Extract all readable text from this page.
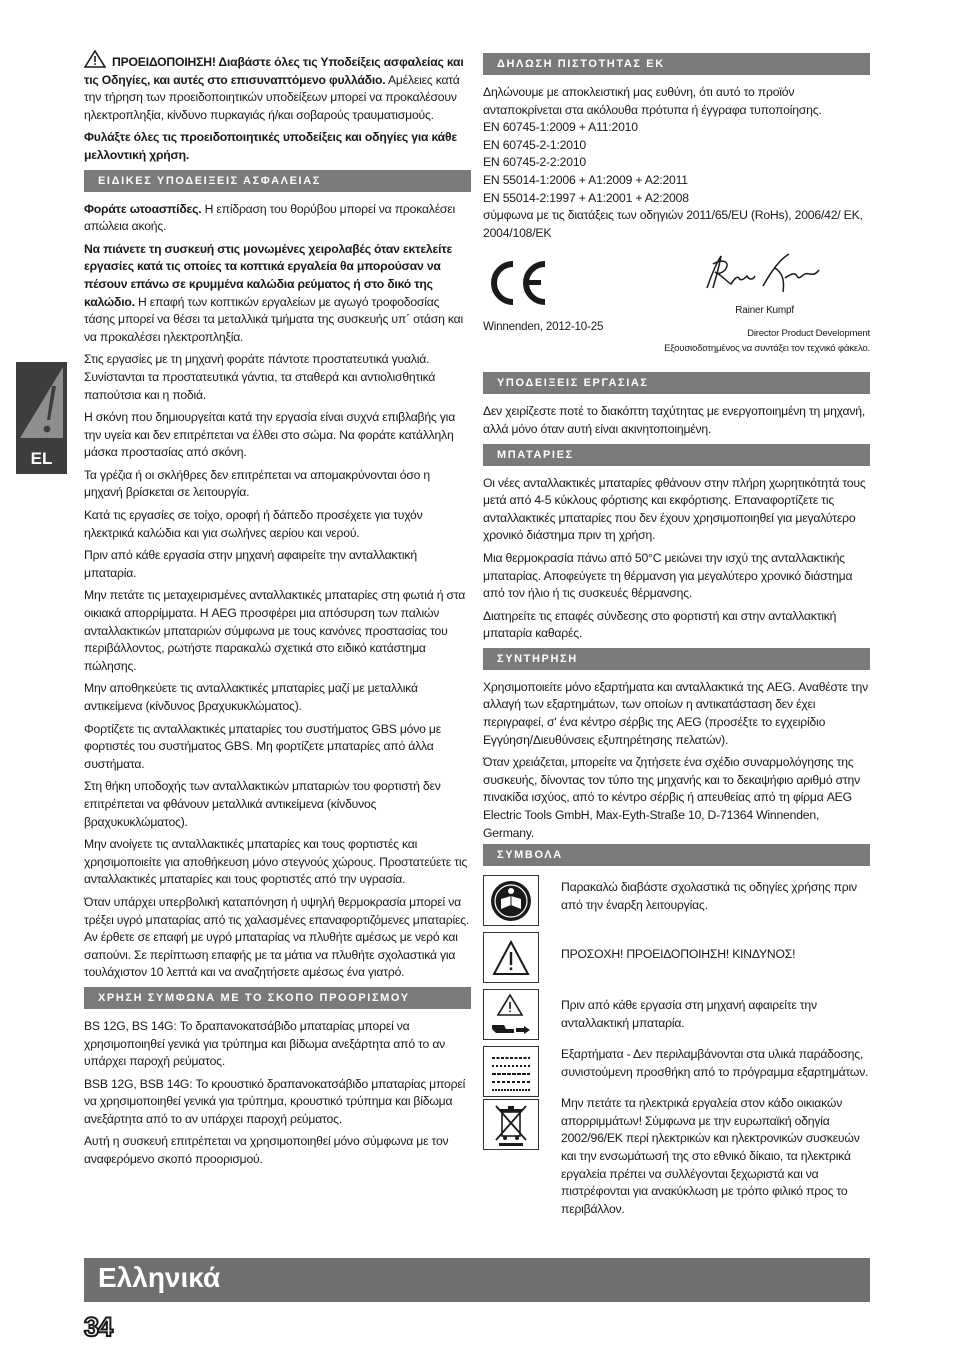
EL

ΠΡΟΕΙΔΟΠΟΙΗΣΗ! Διαβάστε όλες τις Υποδείξεις ασφαλείας και τις Οδηγίες, και αυτές στο επισυναπτόμενο φυλλάδιο. Αμέλειες κατά την τήρηση των προειδοποιητικών υποδείξεων μπορεί να προκαλέσουν ηλεκτροπληξία, κίνδυνο πυρκαγιάς ή/και σοβαρούς τραυματισμούς.

Φυλάξτε όλες τις προειδοποιητικές υποδείξεις και οδηγίες για κάθε μελλοντική χρήση.

ΕΙΔΙΚΕΣ ΥΠΟΔΕΙΞΕΙΣ ΑΣΦΑΛΕΙΑΣ

Φοράτε ωτοασπίδες. Η επίδραση του θορύβου μπορεί να προκαλέσει απώλεια ακοής.

Να πιάνετε τη συσκευή στις μονωμένες χειρολαβές όταν εκτελείτε εργασίες κατά τις οποίες τα κοπτικά εργαλεία θα μπορούσαν να πέσουν επάνω σε κρυμμένα καλώδια ρεύματος ή στο δικό της καλώδιο. Η επαφή των κοπτικών εργαλείων με αγωγό τροφοδοσίας τάσης μπορεί να θέσει τα μεταλλικά τμήματα της συσκευής υπ΄ οτάση και να προκαλέσει ηλεκτροπληξία.

Στις εργασίες με τη μηχανή φοράτε πάντοτε προστατευτικά γυαλιά. Συνίστανται τα προστατευτικά γάντια, τα σταθερά και αντιολισθητικά παπούτσια και η ποδιά.

Η σκόνη που δημιουργείται κατά την εργασία είναι συχνά επιβλαβής για την υγεία και δεν επιτρέπεται να έλθει στο σώμα. Να φοράτε κατάλληλη μάσκα προστασίας από σκόνη.

Τα γρέζια ή οι σκλήθρες δεν επιτρέπεται να απομακρύνονται όσο η μηχανή βρίσκεται σε λειτουργία.

Κατά τις εργασίες σε τοίχο, οροφή ή δάπεδο προσέχετε για τυχόν ηλεκτρικά καλώδια και για σωλήνες αερίου και νερού.

Πριν από κάθε εργασία στην μηχανή αφαιρείτε την ανταλλακτική μπαταρία.

Μην πετάτε τις μεταχειρισμένες ανταλλακτικές μπαταρίες στη φωτιά ή στα οικιακά απορρίμματα. Η AEG προσφέρει μια απόσυρση των παλιών ανταλλακτικών μπαταριών σύμφωνα με τους κανόνες προστασίας του περιβάλλοντος, ρωτήστε παρακαλώ σχετικά στο ειδικό κατάστημα πώλησης.

Μην αποθηκεύετε τις ανταλλακτικές μπαταρίες μαζί με μεταλλικά αντικείμενα (κίνδυνος βραχυκυκλώματος).

Φορτίζετε τις ανταλλακτικές μπαταρίες του συστήματος GBS μόνο με φορτιστές του συστήματος GBS. Μη φορτίζετε μπαταρίες από άλλα συστήματα.

Στη θήκη υποδοχής των ανταλλακτικών μπαταριών του φορτιστή δεν επιτρέπεται να φθάνουν μεταλλικά αντικείμενα (κίνδυνος βραχυκυκλώματος).

Μην ανοίγετε τις ανταλλακτικές μπαταρίες και τους φορτιστές και χρησιμοποιείτε για αποθήκευση μόνο στεγνούς χώρους. Προστατεύετε τις ανταλλακτικές μπαταρίες και τους φορτιστές από την υγρασία.

Όταν υπάρχει υπερβολική καταπόνηση ή υψηλή θερμοκρασία μπορεί να τρέξει υγρό μπαταρίας από τις χαλασμένες επαναφορτιζόμενες μπαταρίες. Αν έρθετε σε επαφή με υγρό μπαταρίας να πλυθήτε αμέσως με νερό και σαπούνι. Σε περίπτωση επαφής με τα μάτια να πλυθήτε σχολαστικά για τουλάχιστον 10 λεπτά και να αναζητήσετε αμέσως ένα γιατρό.

ΧΡΗΣΗ ΣΥΜΦΩΝΑ ΜΕ ΤΟ ΣΚΟΠΟ ΠΡΟΟΡΙΣΜΟΥ

BS 12G, BS 14G: Το δραπανοκατσάβιδο μπαταρίας μπορεί να χρησιμοποιηθεί γενικά για τρύπημα και βίδωμα ανεξάρτητα από το αν υπάρχει παροχή ρεύματος.

BSB 12G, BSB 14G: Το κρουστικό δραπανοκατσάβιδο μπαταρίας μπορεί να χρησιμοποιηθεί γενικά για τρύπημα, κρουστικό τρύπημα και βίδωμα ανεξάρτητα από το αν υπάρχει παροχή ρεύματος.

Αυτή η συσκευή επιτρέπεται να χρησιμοποιηθεί μόνο σύμφωνα με τον αναφερόμενο σκοπό προορισμού.

ΔΗΛΩΣΗ ΠΙΣΤΟΤΗΤΑΣ ΕΚ

Δηλώνουμε με αποκλειστική μας ευθύνη, ότι αυτό το προϊόν ανταποκρίνεται στα ακόλουθα πρότυπα ή έγγραφα τυποποίησης.

EN 60745-1:2009 + A11:2010
EN 60745-2-1:2010
EN 60745-2-2:2010
EN 55014-1:2006 + A1:2009 + A2:2011
EN 55014-2:1997 + A1:2001 + A2:2008

σύμφωνα με τις διατάξεις των οδηγιών 2011/65/EU (RoHs), 2006/42/ ΕΚ, 2004/108/ΕΚ

Winnenden, 2012-10-25
Rainer Kumpf
Director Product Development
Εξουσιοδοτημένος να συντάξει τον τεχνικό φάκελο.
ΥΠΟΔΕΙΞΕΙΣ ΕΡΓΑΣΙΑΣ

Δεν χειρίζεστε ποτέ το διακόπτη ταχύτητας με ενεργοποιημένη τη μηχανή, αλλά μόνο όταν αυτή είναι ακινητοποιημένη.

ΜΠΑΤΑΡΙΕΣ

Οι νέες ανταλλακτικές μπαταρίες φθάνουν στην πλήρη χωρητικότητά τους μετά από 4-5 κύκλους φόρτισης και εκφόρτισης. Επαναφορτίζετε τις ανταλλακτικές μπαταρίες που δεν έχουν χρησιμοποιηθεί για μεγαλύτερο χρονικό διάστημα πριν τη χρήση.

Μια θερμοκρασία πάνω από 50°C μειώνει την ισχύ της ανταλλακτικής μπαταρίας. Αποφεύγετε τη θέρμανση για μεγαλύτερο χρονικό διάστημα από τον ήλιο ή τις συσκευές θέρμανσης.

Διατηρείτε τις επαφές σύνδεσης στο φορτιστή και στην ανταλλακτική μπαταρία καθαρές.

ΣΥΝΤΗΡΗΣΗ

Χρησιμοποιείτε μόνο εξαρτήματα και ανταλλακτικά της AEG. Αναθέστε την αλλαγή των εξαρτημάτων, των οποίων η αντικατάσταση δεν έχει περιγραφεί, σ' ένα κέντρο σέρβις της AEG (προσέξτε το εγχειρίδιο Εγγύηση/Διευθύνσεις εξυπηρέτησης πελατών).

Όταν χρειάζεται, μπορείτε να ζητήσετε ένα σχέδιο συναρμολόγησης της συσκευής, δίνοντας τον τύπο της μηχανής και το δεκαψήφιο αριθμό στην πινακίδα ισχύος, από το κέντρο σέρβις ή απευθείας από τη φίρμα AEG Electric Tools GmbH, Max-Eyth-Straße 10, D-71364 Winnenden, Germany.

ΣΥΜΒΟΛΑ
Παρακαλώ διαβάστε σχολαστικά τις οδηγίες χρήσης πριν από την έναρξη λειτουργίας.
ΠΡΟΣΟΧΗ! ΠΡΟΕΙΔΟΠΟΙΗΣΗ! ΚΙΝΔΥΝΟΣ!
Πριν από κάθε εργασία στη μηχανή αφαιρείτε την ανταλλακτική μπαταρία.
Εξαρτήματα - Δεν περιλαμβάνονται στα υλικά παράδοσης, συνιστούμενη προσθήκη από το πρόγραμμα εξαρτημάτων.
Μην πετάτε τα ηλεκτρικά εργαλεία στον κάδο οικιακών απορριμμάτων! Σύμφωνα με την ευρωπαϊκή οδηγία 2002/96/ΕΚ περί ηλεκτρικών και ηλεκτρονικών συσκευών και την ενσωμάτωσή της στο εθνικό δίκαιο, τα ηλεκτρικά εργαλεία πρέπει να συλλέγονται ξεχωριστά και να πιστρέφονται για ανακύκλωση με τρόπο φιλικό προς το περιβάλλον.
Ελληνικά
34
